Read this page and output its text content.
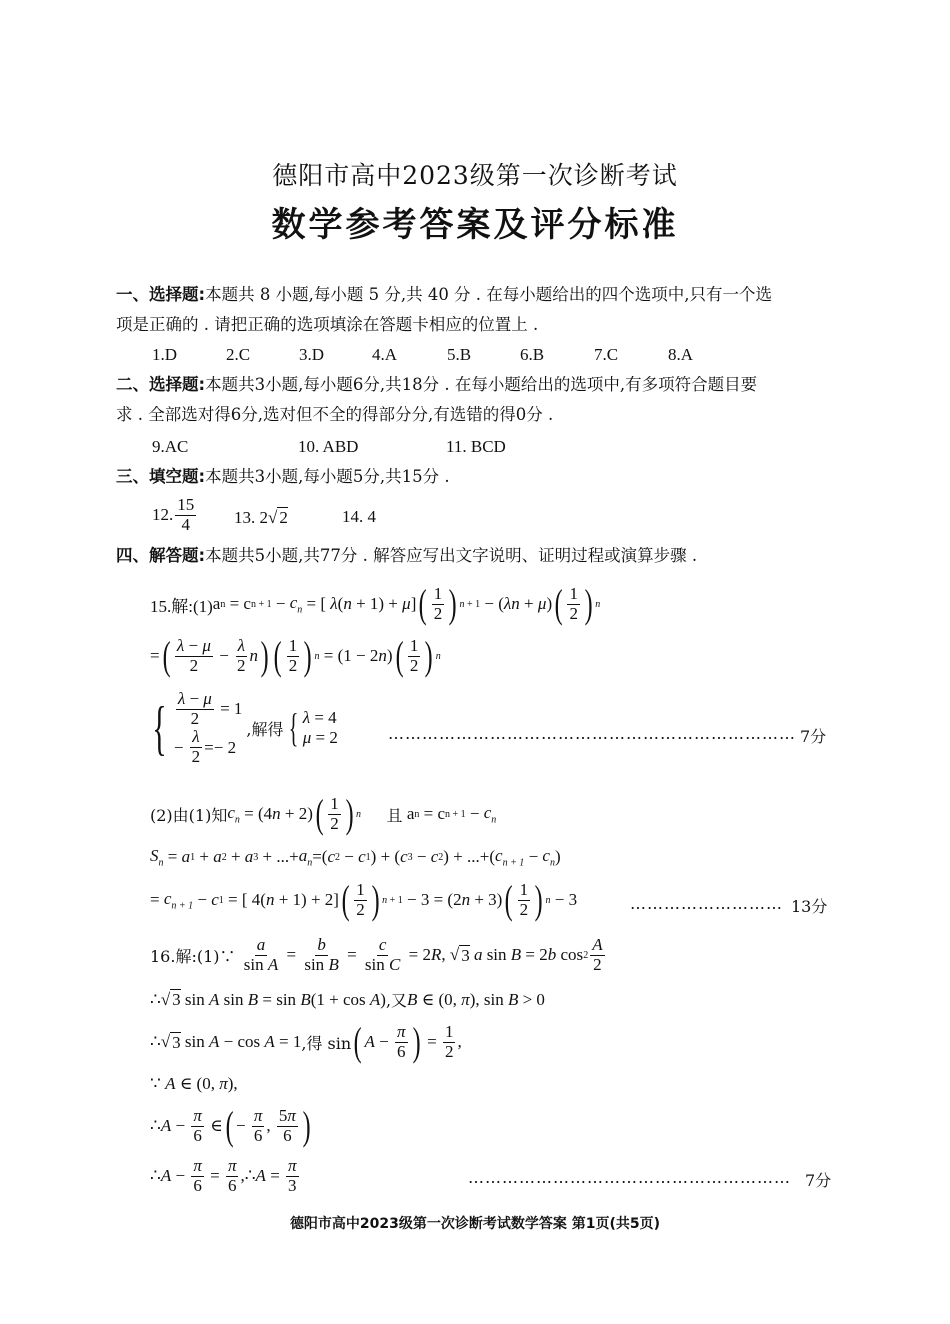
德阳市高中2023级第一次诊断考试
数学参考答案及评分标准
一、选择题:本题共 8 小题,每小题 5 分,共 40 分 . 在每小题给出的四个选项中,只有一个选
项是正确的 . 请把正确的选项填涂在答题卡相应的位置上 .
1.D	2.C	3.D	4.A	5.B	6.B	7.C	8.A
二、选择题:本题共3小题,每小题6分,共18分 . 在每小题给出的选项中,有多项符合题目要
求 . 全部选对得6分,选对但不全的得部分分,有选错的得0分 .
9.AC	10. ABD	11. BCD
三、填空题:本题共3小题,每小题5分,共15分 .
12. $\frac{15}{4} 13$. 2 √ 2	14. 4
四、解答题:本题共5小题,共77分 . 解答应写出文字说明、证明过程或演算步骤 .
15.解:(1) a n = c $n + 1 - c_n$ = [ λ ( n + 1) + μ ] ( $\frac{1}{2}$ ) n + 1 − ( λn + μ ) ( $\frac{1}{2}$ ) n
= ( $\frac{\lambda - \mu}{2} - \frac{\lambda}{2}$ n ) ( $\frac{1}{2}$ ) n = (1 − 2 n ) ( $\frac{1}{2}$ ) n
{ $\frac{\lambda - \mu}{2} = 1$
− $\frac{\lambda}{2} =- 2$
,解得 { λ = 4
μ = 2	……………………………………………………………… 7分
(2)由(1)知 $c_n = (4$ n + 2) ( $\frac{1}{2}$ ) n
且 a n = c $n + 1 - c_n$
$S_n = a$ 1 + a 2 + a 3 + ...+ $a_n$ =( c 2 − c 1 ) + ( c 3 − c 2 ) + ...+( $c_{n + 1} - c_n$ )
= $c_{n + 1} - c$ 1 = [ 4( n + 1) + 2] ( $\frac{1}{2}$ ) n + 1 − 3 = (2 n + 3) ( $\frac{1}{2}$ ) n − 3	……………………… 13分
16.解:(1)∵
$\frac{a}{\text{sin A}} = \frac{b}{\text{sin B}} = \frac{c}{\text{sin C}} = 2$ R , √ 3
a sin B = 2 b $\cos 2 \frac{A}{2}$
∴√ 3 sin A sin B = sin B (1 + cos A ) ,又 B ∈ (0, π ), sin B > 0
∴√ 3 sin A − cos A = 1 ,得 sin ( $A - \frac{\pi}{6}$ ) = $\frac{1}{2}$ ,
∵ A ∈ (0, π ),
∴ $A - \frac{\pi}{6}$ ∈ ( − $\frac{\pi}{6}$ , $\frac{5\pi}{6}$ )
∴ $A - \frac{\pi}{6} = \frac{\pi}{6}$ ,∴ $A = \frac{\pi}{3}$	………………………………………………… 7分
德阳市高中2023级第一次诊断考试数学答案 第1页(共5页)
